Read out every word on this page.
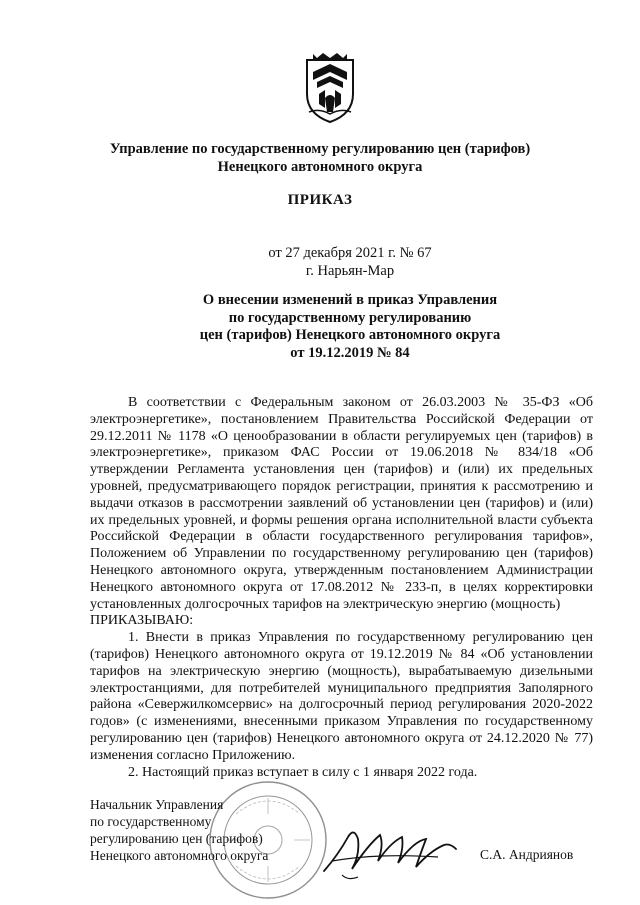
Управление по государственному регулированию цен (тарифов)
Ненецкого автономного округа
ПРИКАЗ
от 27 декабря 2021 г. № 67
г. Нарьян-Мар
О внесении изменений в приказ Управления
по государственному регулированию
цен (тарифов) Ненецкого автономного округа
от 19.12.2019 № 84

В соответствии с Федеральным законом от 26.03.2003 № 35-ФЗ «Об электроэнергетике», постановлением Правительства Российской Федерации от 29.12.2011 № 1178 «О ценообразовании в области регулируемых цен (тарифов) в электроэнергетике», приказом ФАС России от 19.06.2018 № 834/18 «Об утверждении Регламента установления цен (тарифов) и (или) их предельных уровней, предусматривающего порядок регистрации, принятия к рассмотрению и выдачи отказов в рассмотрении заявлений об установлении цен (тарифов) и (или) их предельных уровней, и формы решения органа исполнительной власти субъекта Российской Федерации в области государственного регулирования тарифов», Положением об Управлении по государственному регулированию цен (тарифов) Ненецкого автономного округа, утвержденным постановлением Администрации Ненецкого автономного округа от 17.08.2012 № 233-п, в целях корректировки установленных долгосрочных тарифов на электрическую энергию (мощность)

ПРИКАЗЫВАЮ:

1. Внести в приказ Управления по государственному регулированию цен (тарифов) Ненецкого автономного округа от 19.12.2019 № 84 «Об установлении тарифов на электрическую энергию (мощность), вырабатываемую дизельными электростанциями, для потребителей муниципального предприятия Заполярного района «Севержилкомсервис» на долгосрочный период регулирования 2020-2022 годов» (с изменениями, внесенными приказом Управления по государственному регулированию цен (тарифов) Ненецкого автономного округа от 24.12.2020 № 77) изменения согласно Приложению.

2. Настоящий приказ вступает в силу с 1 января 2022 года.

Начальник Управления
по государственному
регулированию цен (тарифов)
Ненецкого автономного округа	С.А. Андриянов
